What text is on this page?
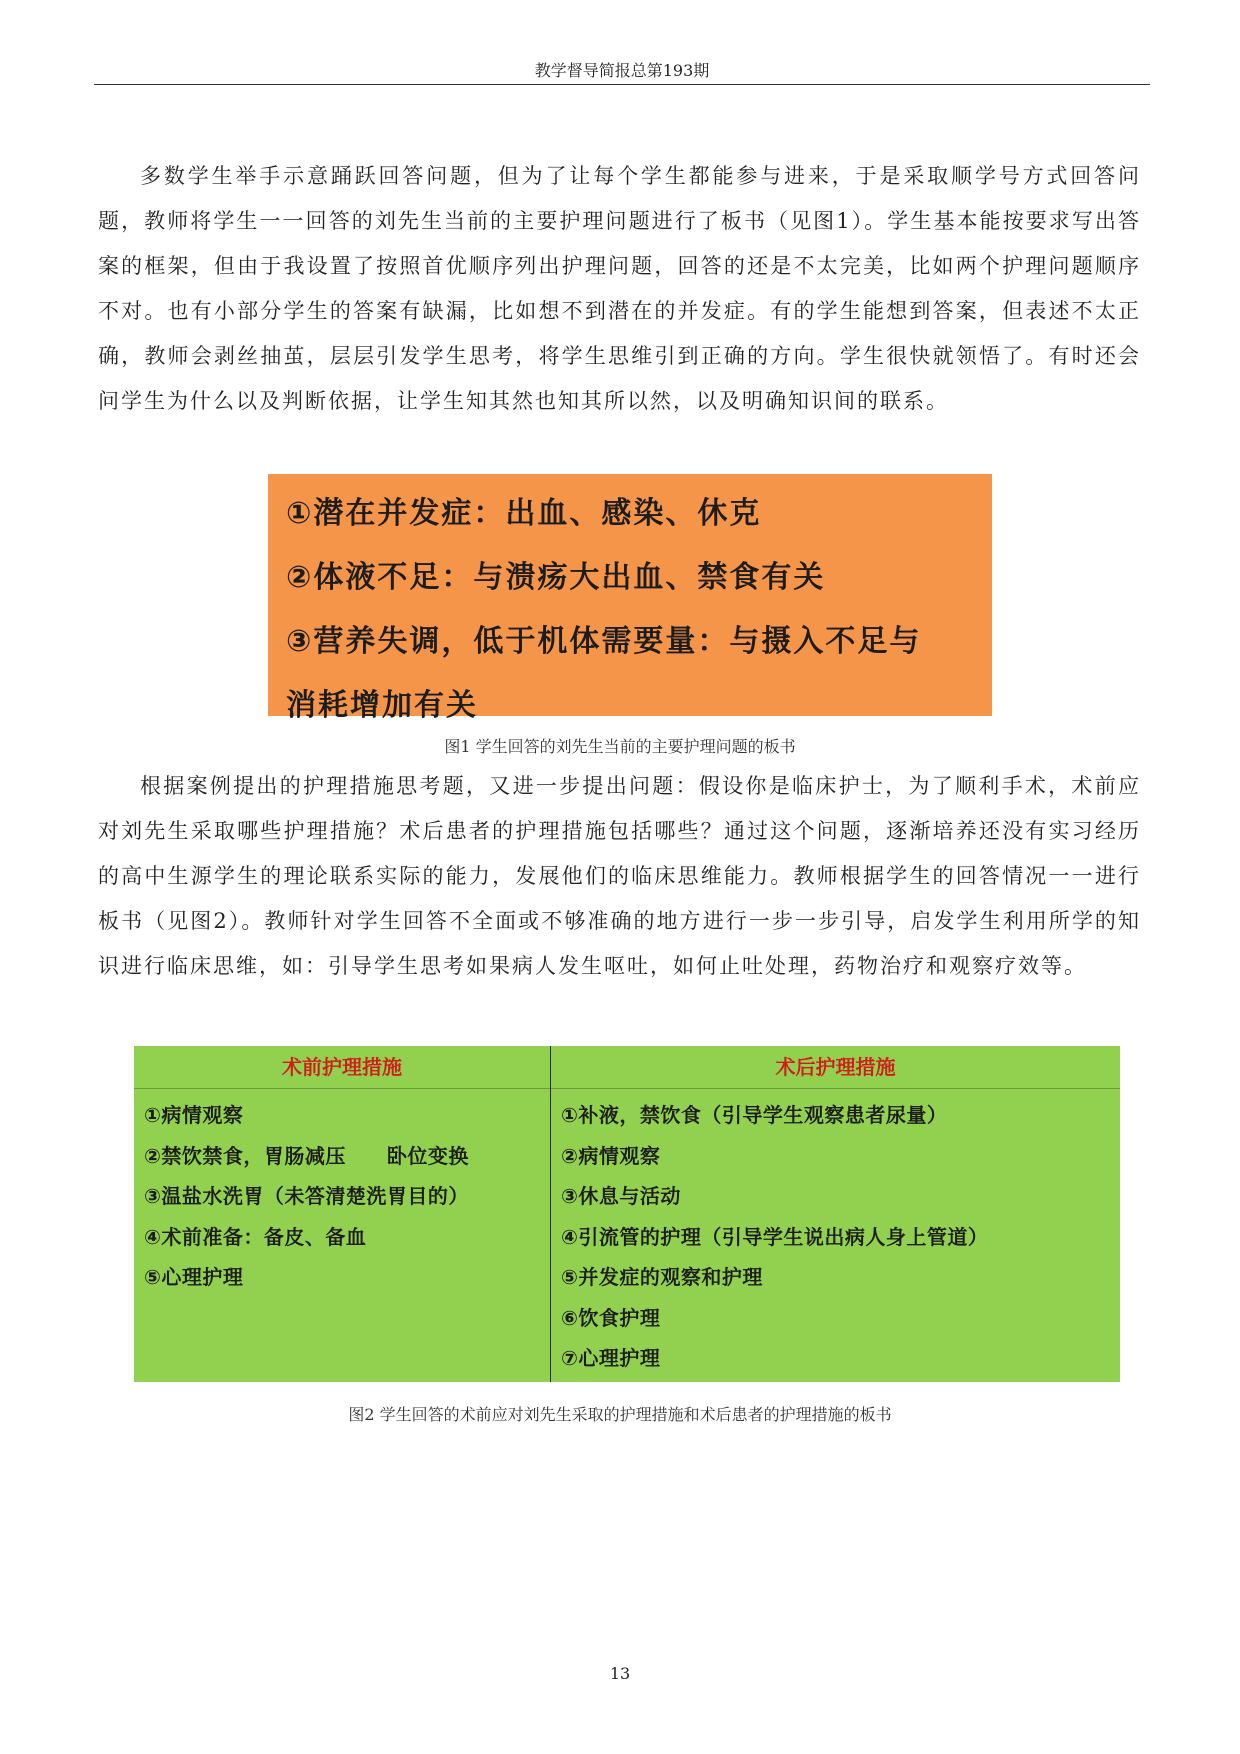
教学督导简报总第193期

多数学生举手示意踊跃回答问题，但为了让每个学生都能参与进来，于是采取顺学号方式回答问题，教师将学生一一回答的刘先生当前的主要护理问题进行了板书（见图1）。学生基本能按要求写出答案的框架，但由于我设置了按照首优顺序列出护理问题，回答的还是不太完美，比如两个护理问题顺序不对。也有小部分学生的答案有缺漏，比如想不到潜在的并发症。有的学生能想到答案，但表述不太正确，教师会剥丝抽茧，层层引发学生思考，将学生思维引到正确的方向。学生很快就领悟了。有时还会问学生为什么以及判断依据，让学生知其然也知其所以然，以及明确知识间的联系。

①潜在并发症：出血、感染、休克
②体液不足：与溃疡大出血、禁食有关
③营养失调，低于机体需要量：与摄入不足与
消耗增加有关
图1 学生回答的刘先生当前的主要护理问题的板书

根据案例提出的护理措施思考题，又进一步提出问题：假设你是临床护士，为了顺利手术，术前应对刘先生采取哪些护理措施？术后患者的护理措施包括哪些？通过这个问题，逐渐培养还没有实习经历的高中生源学生的理论联系实际的能力，发展他们的临床思维能力。教师根据学生的回答情况一一进行板书（见图2）。教师针对学生回答不全面或不够准确的地方进行一步一步引导，启发学生利用所学的知识进行临床思维，如：引导学生思考如果病人发生呕吐，如何止吐处理，药物治疗和观察疗效等。

术前护理措施	术后护理措施
①病情观察
②禁饮禁食，胃肠减压　　卧位变换
③温盐水洗胃（未答清楚洗胃目的）
④术前准备：备皮、备血
⑤心理护理
①补液，禁饮食（引导学生观察患者尿量）
②病情观察
③休息与活动
④引流管的护理（引导学生说出病人身上管道）
⑤并发症的观察和护理
⑥饮食护理
⑦心理护理
图2 学生回答的术前应对刘先生采取的护理措施和术后患者的护理措施的板书
13
